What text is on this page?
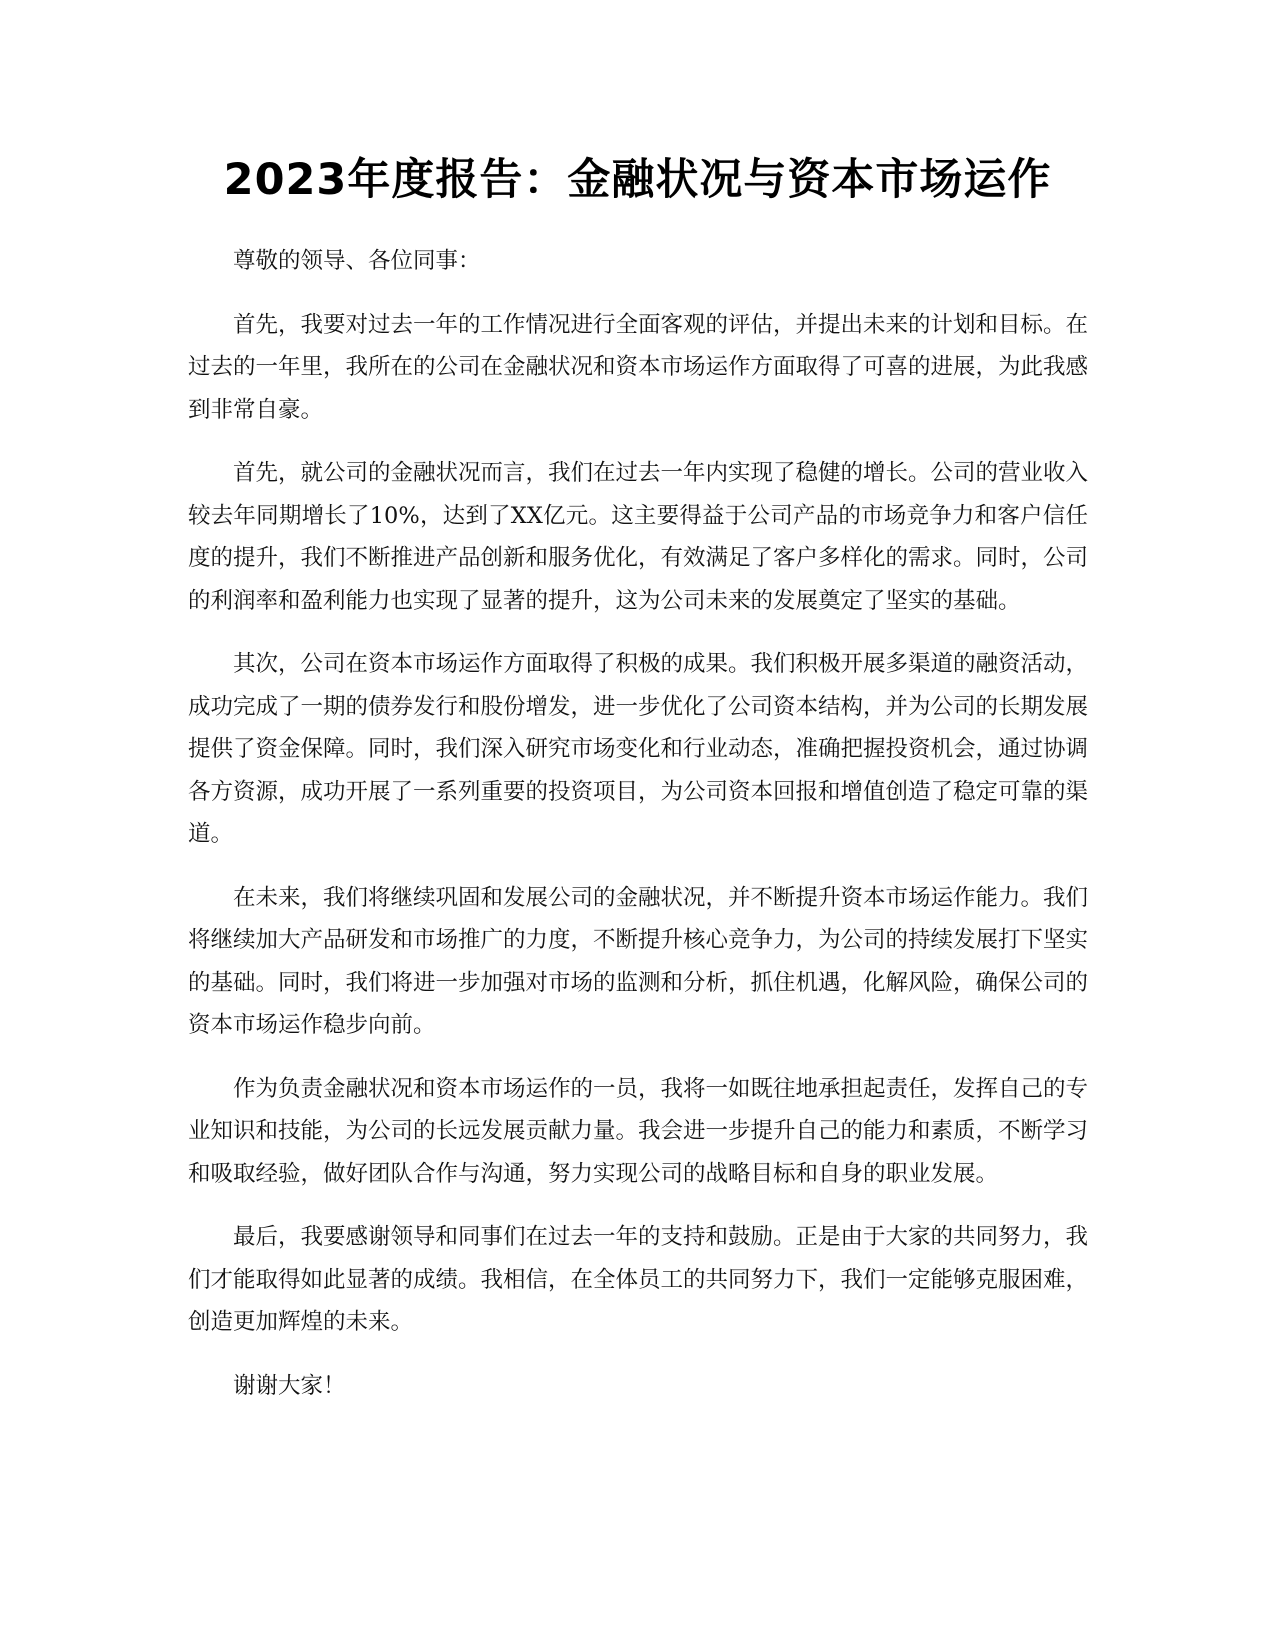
2023年度报告：金融状况与资本市场运作

尊敬的领导、各位同事：

首先，我要对过去一年的工作情况进行全面客观的评估，并提出未来的计划和目标。在过去的一年里，我所在的公司在金融状况和资本市场运作方面取得了可喜的进展，为此我感到非常自豪。

首先，就公司的金融状况而言，我们在过去一年内实现了稳健的增长。公司的营业收入较去年同期增长了10%，达到了XX亿元。这主要得益于公司产品的市场竞争力和客户信任度的提升，我们不断推进产品创新和服务优化，有效满足了客户多样化的需求。同时，公司的利润率和盈利能力也实现了显著的提升，这为公司未来的发展奠定了坚实的基础。

其次，公司在资本市场运作方面取得了积极的成果。我们积极开展多渠道的融资活动，成功完成了一期的债券发行和股份增发，进一步优化了公司资本结构，并为公司的长期发展提供了资金保障。同时，我们深入研究市场变化和行业动态，准确把握投资机会，通过协调各方资源，成功开展了一系列重要的投资项目，为公司资本回报和增值创造了稳定可靠的渠道。

在未来，我们将继续巩固和发展公司的金融状况，并不断提升资本市场运作能力。我们将继续加大产品研发和市场推广的力度，不断提升核心竞争力，为公司的持续发展打下坚实的基础。同时，我们将进一步加强对市场的监测和分析，抓住机遇，化解风险，确保公司的资本市场运作稳步向前。

作为负责金融状况和资本市场运作的一员，我将一如既往地承担起责任，发挥自己的专业知识和技能，为公司的长远发展贡献力量。我会进一步提升自己的能力和素质，不断学习和吸取经验，做好团队合作与沟通，努力实现公司的战略目标和自身的职业发展。

最后，我要感谢领导和同事们在过去一年的支持和鼓励。正是由于大家的共同努力，我们才能取得如此显著的成绩。我相信，在全体员工的共同努力下，我们一定能够克服困难，创造更加辉煌的未来。

谢谢大家！
